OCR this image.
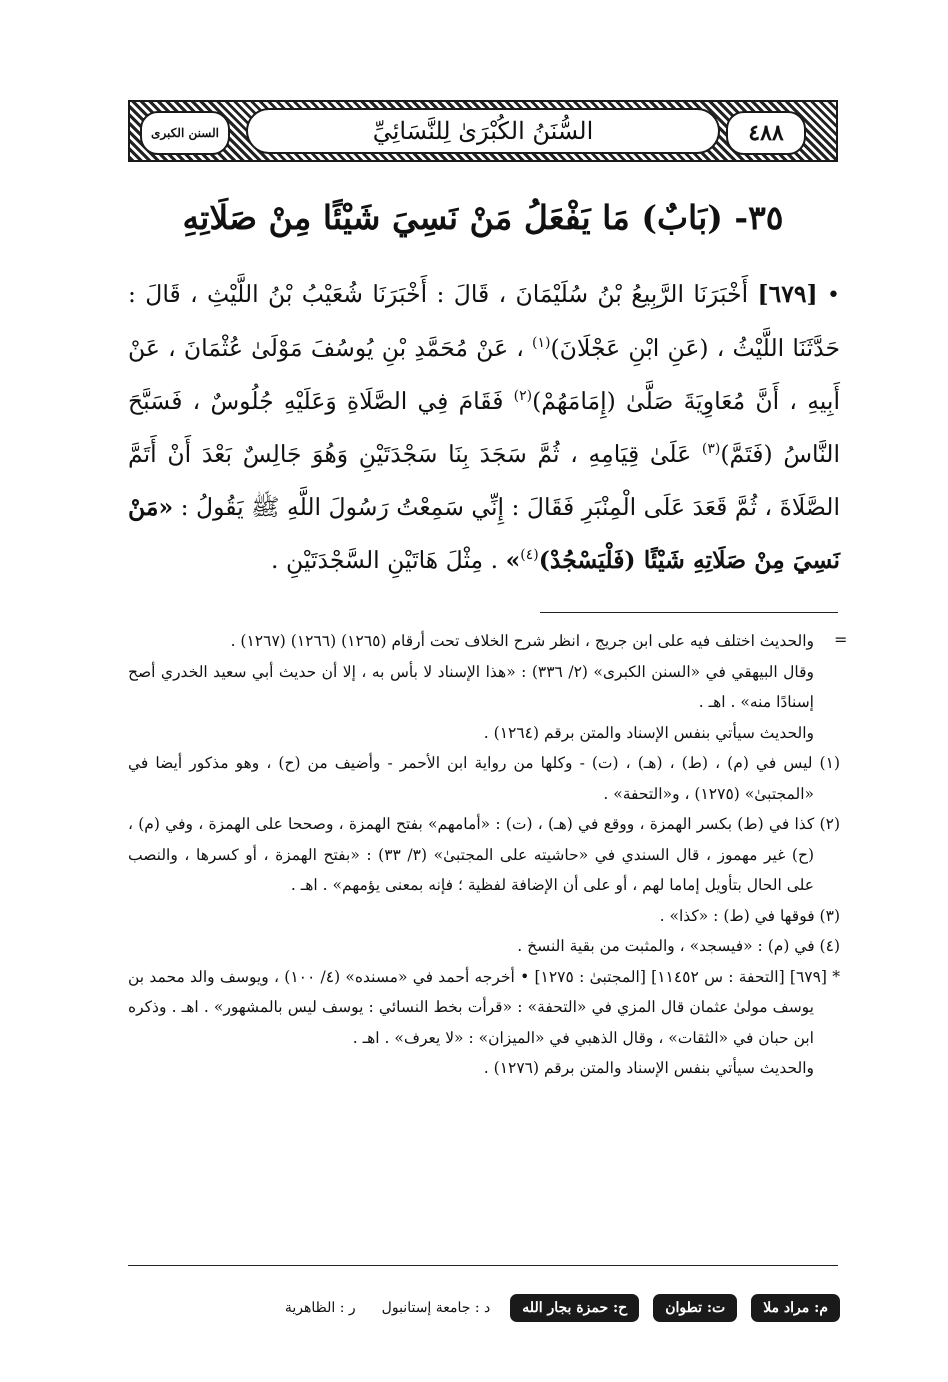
٤٨٨
السُّنَنُ الكُبْرَىٰ لِلنَّسَائِيِّ
السنن الكبرى
٣٥- (بَابٌ) مَا يَفْعَلُ مَنْ نَسِيَ شَيْئًا مِنْ صَلَاتِهِ
• [٦٧٩] أَخْبَرَنَا الرَّبِيعُ بْنُ سُلَيْمَانَ ، قَالَ : أَخْبَرَنَا شُعَيْبُ بْنُ اللَّيْثِ ، قَالَ : حَدَّثَنَا اللَّيْثُ ، (عَنِ ابْنِ عَجْلَانَ)$^{(١)}$ ، عَنْ مُحَمَّدِ بْنِ يُوسُفَ مَوْلَىٰ عُثْمَانَ ، عَنْ أَبِيهِ ، أَنَّ مُعَاوِيَةَ صَلَّىٰ (إِمَامَهُمْ)$^{(٢)}$ فَقَامَ فِي الصَّلَاةِ وَعَلَيْهِ جُلُوسٌ ، فَسَبَّحَ النَّاسُ (فَتَمَّ)$^{(٣)}$ عَلَىٰ قِيَامِهِ ، ثُمَّ سَجَدَ بِنَا سَجْدَتَيْنِ وَهُوَ جَالِسٌ بَعْدَ أَنْ أَتَمَّ الصَّلَاةَ ، ثُمَّ قَعَدَ عَلَى الْمِنْبَرِ فَقَالَ : إِنِّي سَمِعْتُ رَسُولَ اللَّهِ ﷺ يَقُولُ : «مَنْ نَسِيَ مِنْ صَلَاتِهِ شَيْئًا (فَلْيَسْجُدْ)$^{(٤)}$» . مِثْلَ هَاتَيْنِ السَّجْدَتَيْنِ .
=

والحديث اختلف فيه على ابن جريج ، انظر شرح الخلاف تحت أرقام (١٢٦٥) (١٢٦٦) (١٢٦٧) .

وقال البيهقي في «السنن الكبرى» (٢/ ٣٣٦) : «هذا الإسناد لا بأس به ، إلا أن حديث أبي سعيد الخدري أصح إسنادًا منه» . اهـ .

والحديث سيأتي بنفس الإسناد والمتن برقم (١٢٦٤) .

(١) ليس في (م) ، (ط) ، (هـ) ، (ت) - وكلها من رواية ابن الأحمر - وأضيف من (ح) ، وهو مذكور أيضا في «المجتبىٰ» (١٢٧٥) ، و«التحفة» .

(٢) كذا في (ط) بكسر الهمزة ، ووقع في (هـ) ، (ت) : «أمامهم» بفتح الهمزة ، وصححا على الهمزة ، وفي (م) ، (ح) غير مهموز ، قال السندي في «حاشيته على المجتبىٰ» (٣/ ٣٣) : «بفتح الهمزة ، أو كسرها ، والنصب على الحال بتأويل إماما لهم ، أو على أن الإضافة لفظية ؛ فإنه بمعنى يؤمهم» . اهـ .

(٣) فوقها في (ط) : «كذا» .

(٤) في (م) : «فيسجد» ، والمثبت من بقية النسخ .

* [٦٧٩] [التحفة : س ١١٤٥٢] [المجتبىٰ : ١٢٧٥] • أخرجه أحمد في «مسنده» (٤/ ١٠٠) ، ويوسف والد محمد بن يوسف مولىٰ عثمان قال المزي في «التحفة» : «قرأت بخط النسائي : يوسف ليس بالمشهور» . اهـ . وذكره ابن حبان في «الثقات» ، وقال الذهبي في «الميزان» : «لا يعرف» . اهـ .

والحديث سيأتي بنفس الإسناد والمتن برقم (١٢٧٦) .

م: مراد ملا
ت: تطوان
ح: حمزة بجار الله
د : جامعة إستانبول
ر : الظاهرية
